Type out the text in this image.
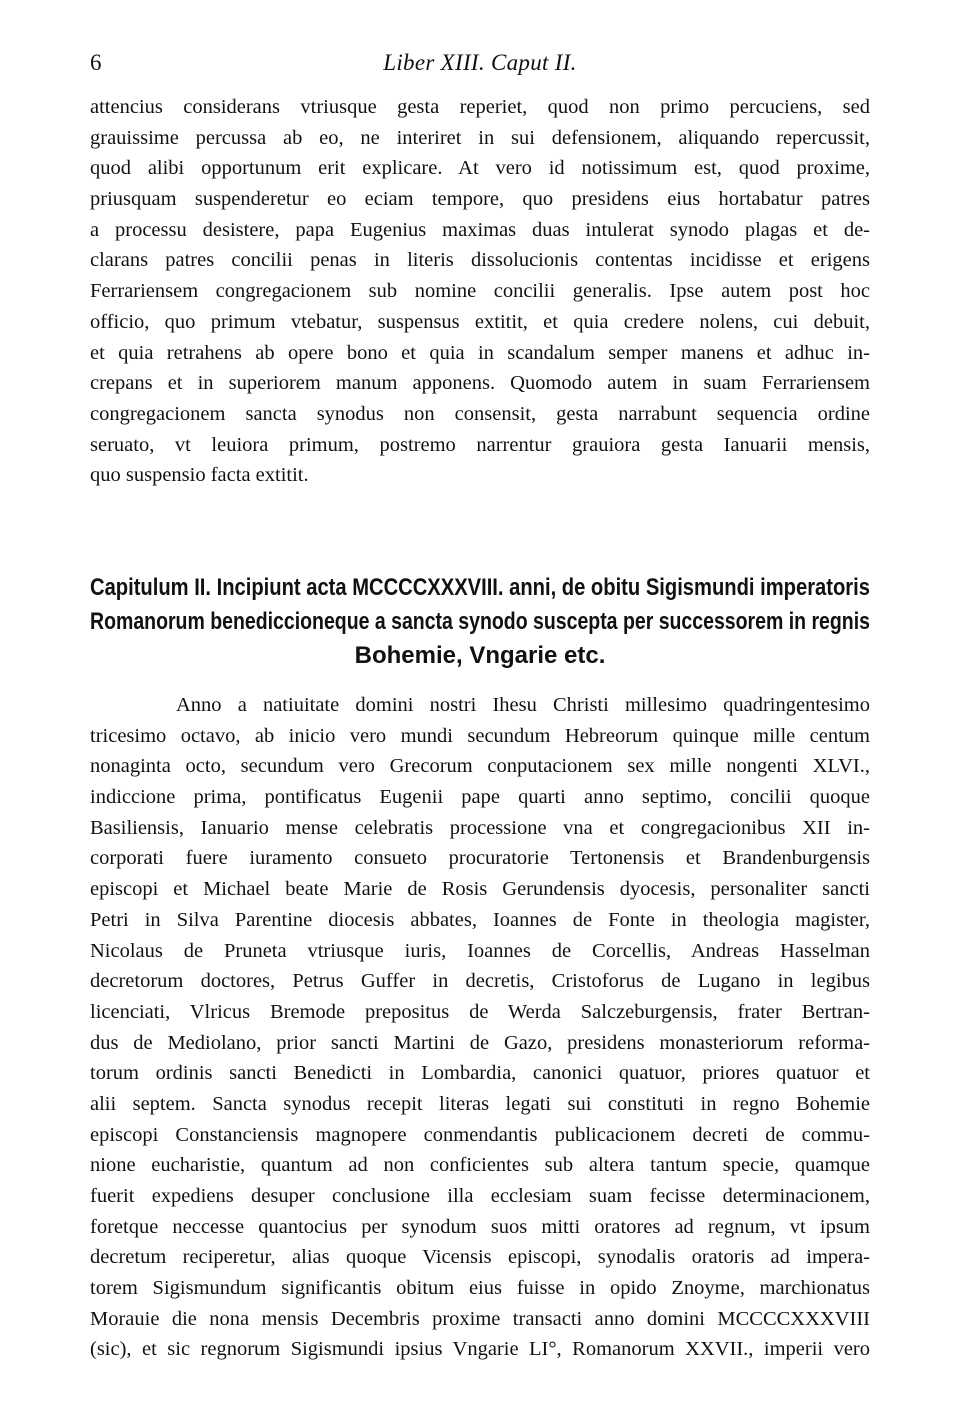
6	Liber XIII. Caput II.
attencius considerans vtriusque gesta reperiet, quod non primo percuciens, sed
grauissime percussa ab eo, ne interiret in sui defensionem, aliquando repercussit,
quod alibi opportunum erit explicare. At vero id notissimum est, quod proxime,
priusquam suspenderetur eo eciam tempore, quo presidens eius hortabatur patres
a processu desistere, papa Eugenius maximas duas intulerat synodo plagas et de-
clarans patres concilii penas in literis dissolucionis contentas incidisse et erigens
Ferrariensem congregacionem sub nomine concilii generalis. Ipse autem post hoc
officio, quo primum vtebatur, suspensus extitit, et quia credere nolens, cui debuit,
et quia retrahens ab opere bono et quia in scandalum semper manens et adhuc in-
crepans et in superiorem manum apponens. Quomodo autem in suam Ferrariensem
congregacionem sancta synodus non consensit, gesta narrabunt sequencia ordine
seruato, vt leuiora primum, postremo narrentur grauiora gesta Ianuarii mensis,
quo suspensio facta extitit.
Capitulum II. Incipiunt acta MCCCCXXXVIII. anni, de obitu Sigismundi imperatoris
Romanorum benediccioneque a sancta synodo suscepta per successorem in regnis
Bohemie, Vngarie etc.
Anno a natiuitate domini nostri Ihesu Christi millesimo quadringentesimo
tricesimo octavo, ab inicio vero mundi secundum Hebreorum quinque mille centum
nonaginta octo, secundum vero Grecorum conputacionem sex mille nongenti XLVI.,
indiccione prima, pontificatus Eugenii pape quarti anno septimo, concilii quoque
Basiliensis, Ianuario mense celebratis processione vna et congregacionibus XII in-
corporati fuere iuramento consueto procuratorie Tertonensis et Brandenburgensis
episcopi et Michael beate Marie de Rosis Gerundensis dyocesis, personaliter sancti
Petri in Silva Parentine diocesis abbates, Ioannes de Fonte in theologia magister,
Nicolaus de Pruneta vtriusque iuris, Ioannes de Corcellis, Andreas Hasselman
decretorum doctores, Petrus Guffer in decretis, Cristoforus de Lugano in legibus
licenciati, Vlricus Bremode prepositus de Werda Salczeburgensis, frater Bertran-
dus de Mediolano, prior sancti Martini de Gazo, presidens monasteriorum reforma-
torum ordinis sancti Benedicti in Lombardia, canonici quatuor, priores quatuor et
alii septem. Sancta synodus recepit literas legati sui constituti in regno Bohemie
episcopi Constanciensis magnopere conmendantis publicacionem decreti de commu-
nione eucharistie, quantum ad non conficientes sub altera tantum specie, quamque
fuerit expediens desuper conclusione illa ecclesiam suam fecisse determinacionem,
foretque neccesse quantocius per synodum suos mitti oratores ad regnum, vt ipsum
decretum reciperetur, alias quoque Vicensis episcopi, synodalis oratoris ad impera-
torem Sigismundum significantis obitum eius fuisse in opido Znoyme, marchionatus
Morauie die nona mensis Decembris proxime transacti anno domini MCCCCXXXVIII
(sic), et sic regnorum Sigismundi ipsius Vngarie LI°, Romanorum XXVII., imperii vero
